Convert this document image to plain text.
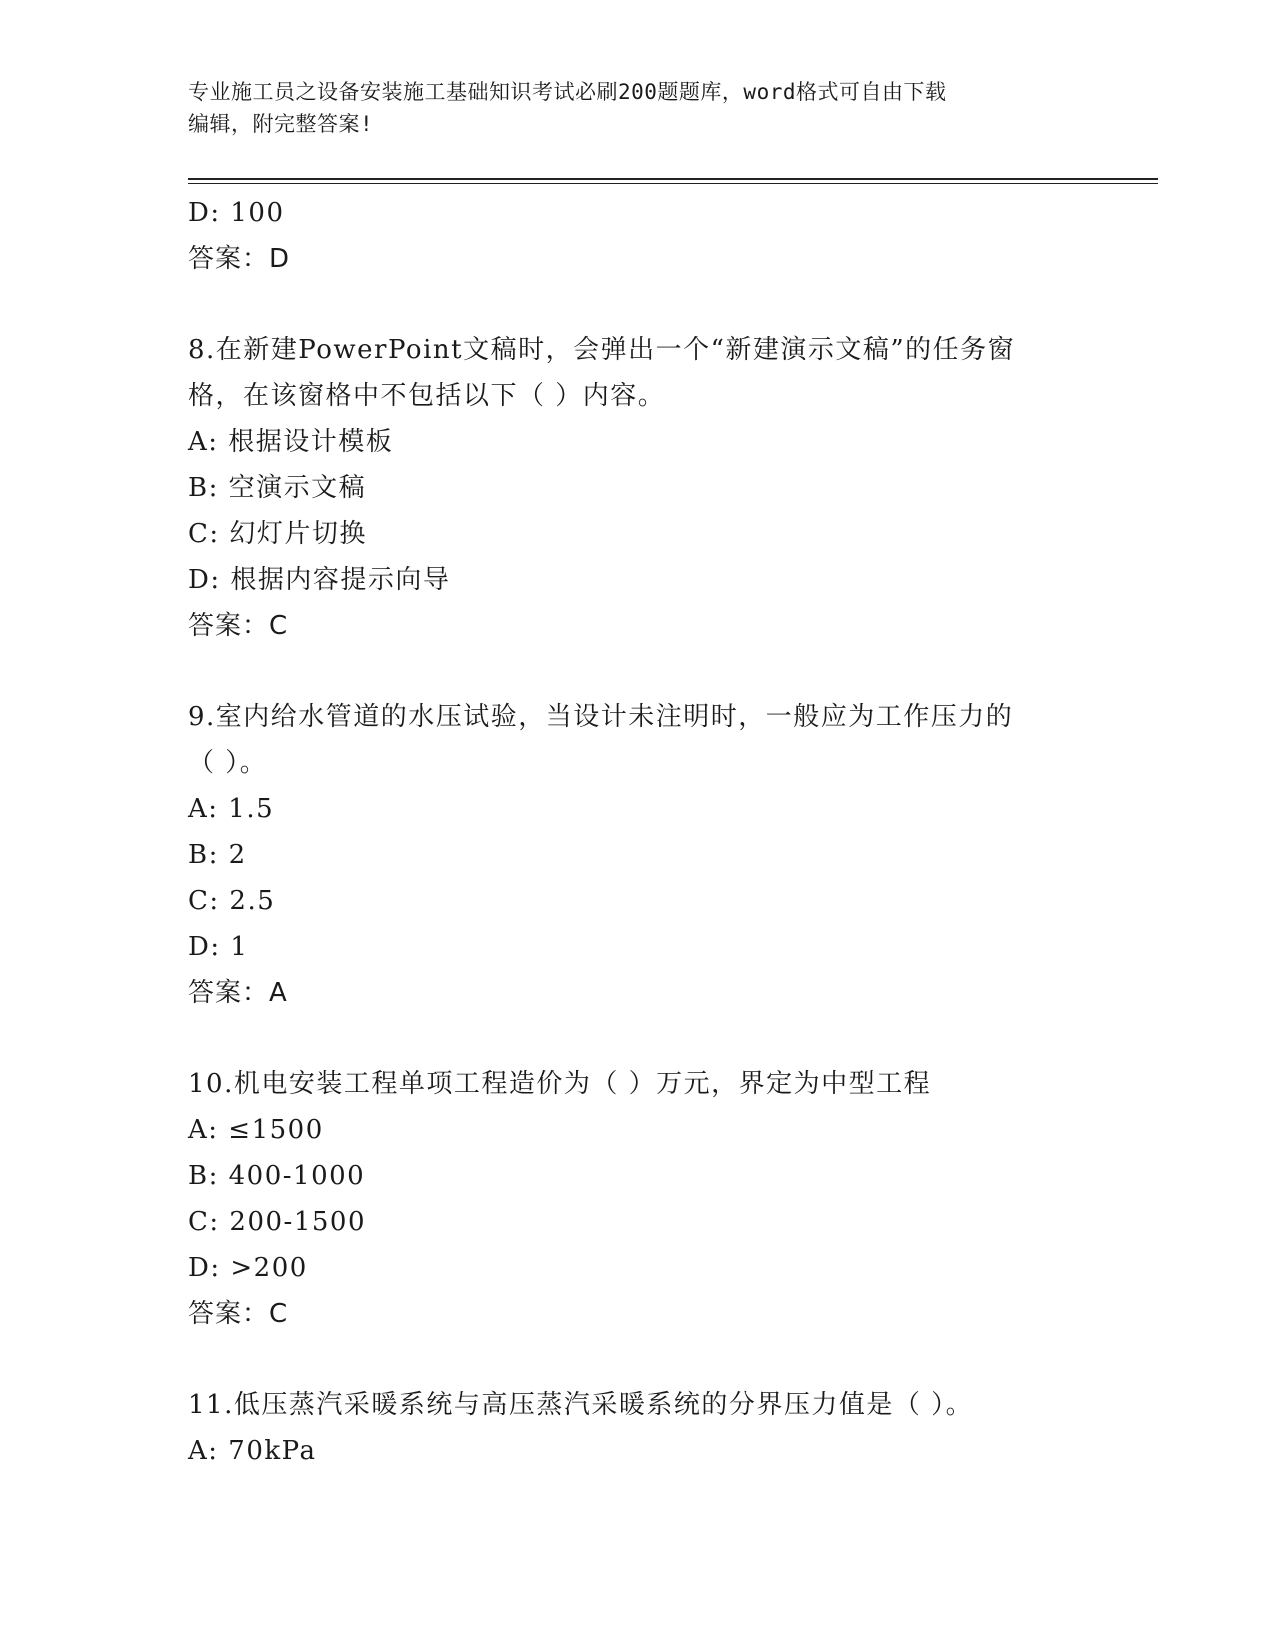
专业施工员之设备安装施工基础知识考试必刷200题题库，word格式可自由下载
编辑，附完整答案!
D: 100
答案：D
8.在新建PowerPoint文稿时，会弹出一个“新建演示文稿”的任务窗
格，在该窗格中不包括以下（ ）内容。
A: 根据设计模板
B: 空演示文稿
C: 幻灯片切换
D: 根据内容提示向导
答案：C
9.室内给水管道的水压试验，当设计未注明时，一般应为工作压力的
（ ）。
A: 1.5
B: 2
C: 2.5
D: 1
答案：A
10.机电安装工程单项工程造价为（ ）万元，界定为中型工程
A: ≤1500
B: 400-1000
C: 200-1500
D: >200
答案：C
11.低压蒸汽采暖系统与高压蒸汽采暖系统的分界压力值是（ ）。
A: 70kPa
